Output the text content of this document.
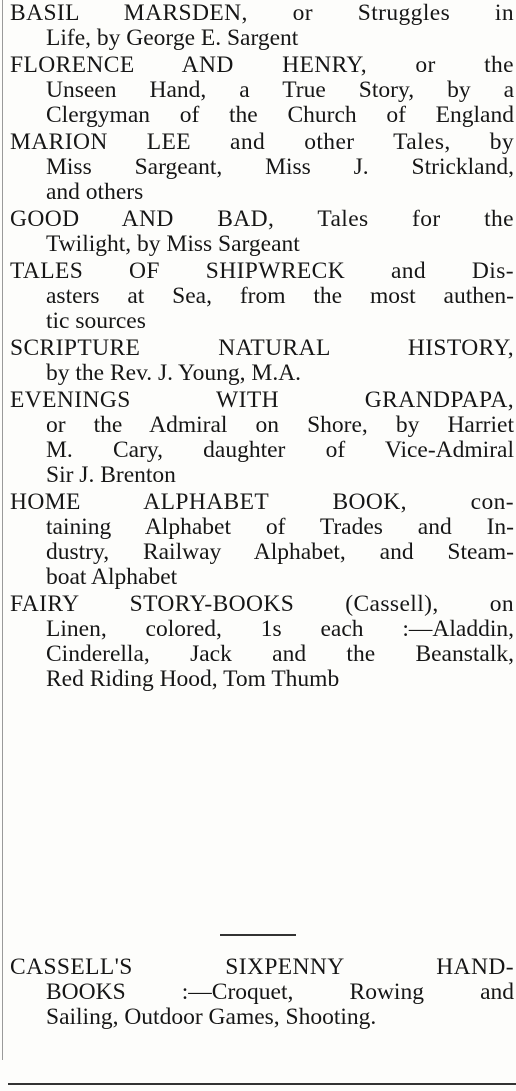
BASIL MARSDEN, or Struggles in
Life, by George E. Sargent
FLORENCE AND HENRY, or the
Unseen Hand, a True Story, by a
Clergyman of the Church of England
MARION LEE and other Tales, by
Miss Sargeant, Miss J. Strickland,
and others
GOOD AND BAD, Tales for the
Twilight, by Miss Sargeant
TALES OF SHIPWRECK and Dis-
asters at Sea, from the most authen-
tic sources
SCRIPTURE NATURAL HISTORY,
by the Rev. J. Young, M.A.
EVENINGS WITH GRANDPAPA,
or the Admiral on Shore, by Harriet
M. Cary, daughter of Vice-Admiral
Sir J. Brenton
HOME ALPHABET BOOK, con-
taining Alphabet of Trades and In-
dustry, Railway Alphabet, and Steam-
boat Alphabet
FAIRY STORY-BOOKS (Cassell), on
Linen, colored, 1s each :—Aladdin,
Cinderella, Jack and the Beanstalk,
Red Riding Hood, Tom Thumb
CASSELL'S SIXPENNY HAND-
BOOKS :—Croquet, Rowing and
Sailing, Outdoor Games, Shooting.
